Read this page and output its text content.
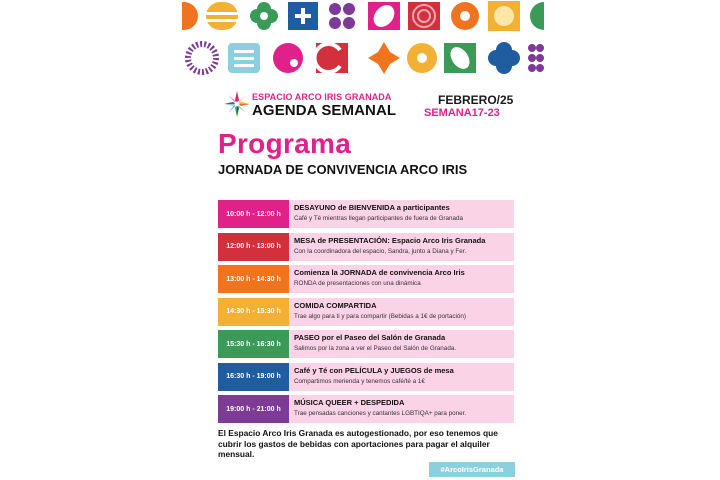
ESPACIO ARCO IRIS GRANADA
AGENDA SEMANAL
FEBRERO/25
SEMANA17-23
Programa
JORNADA DE CONVIVENCIA ARCO IRIS
10:00 h - 12:00 h
DESAYUNO de BIENVENIDA a participantes
Café y Té mientras llegan participantes de fuera de Granada
12:00 h - 13:00 h
MESA de PRESENTACIÓN: Espacio Arco Iris Granada
Con la coordinadora del espacio, Sandra, junto a Diana y Fer.
13:00 h - 14:30 h
Comienza la JORNADA de convivencia Arco Iris
RONDA de presentaciones con una dinámica
14:30 h - 15:30 h
COMIDA COMPARTIDA
Trae algo para ti y para compartir (Bebidas a 1€ de portación)
15:30 h - 16:30 h
PASEO por el Paseo del Salón de Granada
Salimos por la zona a ver el Paseo del Salón de Granada.
16:30 h - 19:00 h
Café y Té con PELÍCULA y JUEGOS de mesa
Compartimos merienda y tenemos café/té a 1€
19:00 h - 21:00 h
MÚSICA QUEER + DESPEDIDA
Trae pensadas canciones y cantantes LGBTIQA+ para poner.
El Espacio Arco Iris Granada es autogestionado, por eso tenemos que cubrir los gastos de bebidas con aportaciones para pagar el alquiler mensual.
#ArcoIrisGranada
